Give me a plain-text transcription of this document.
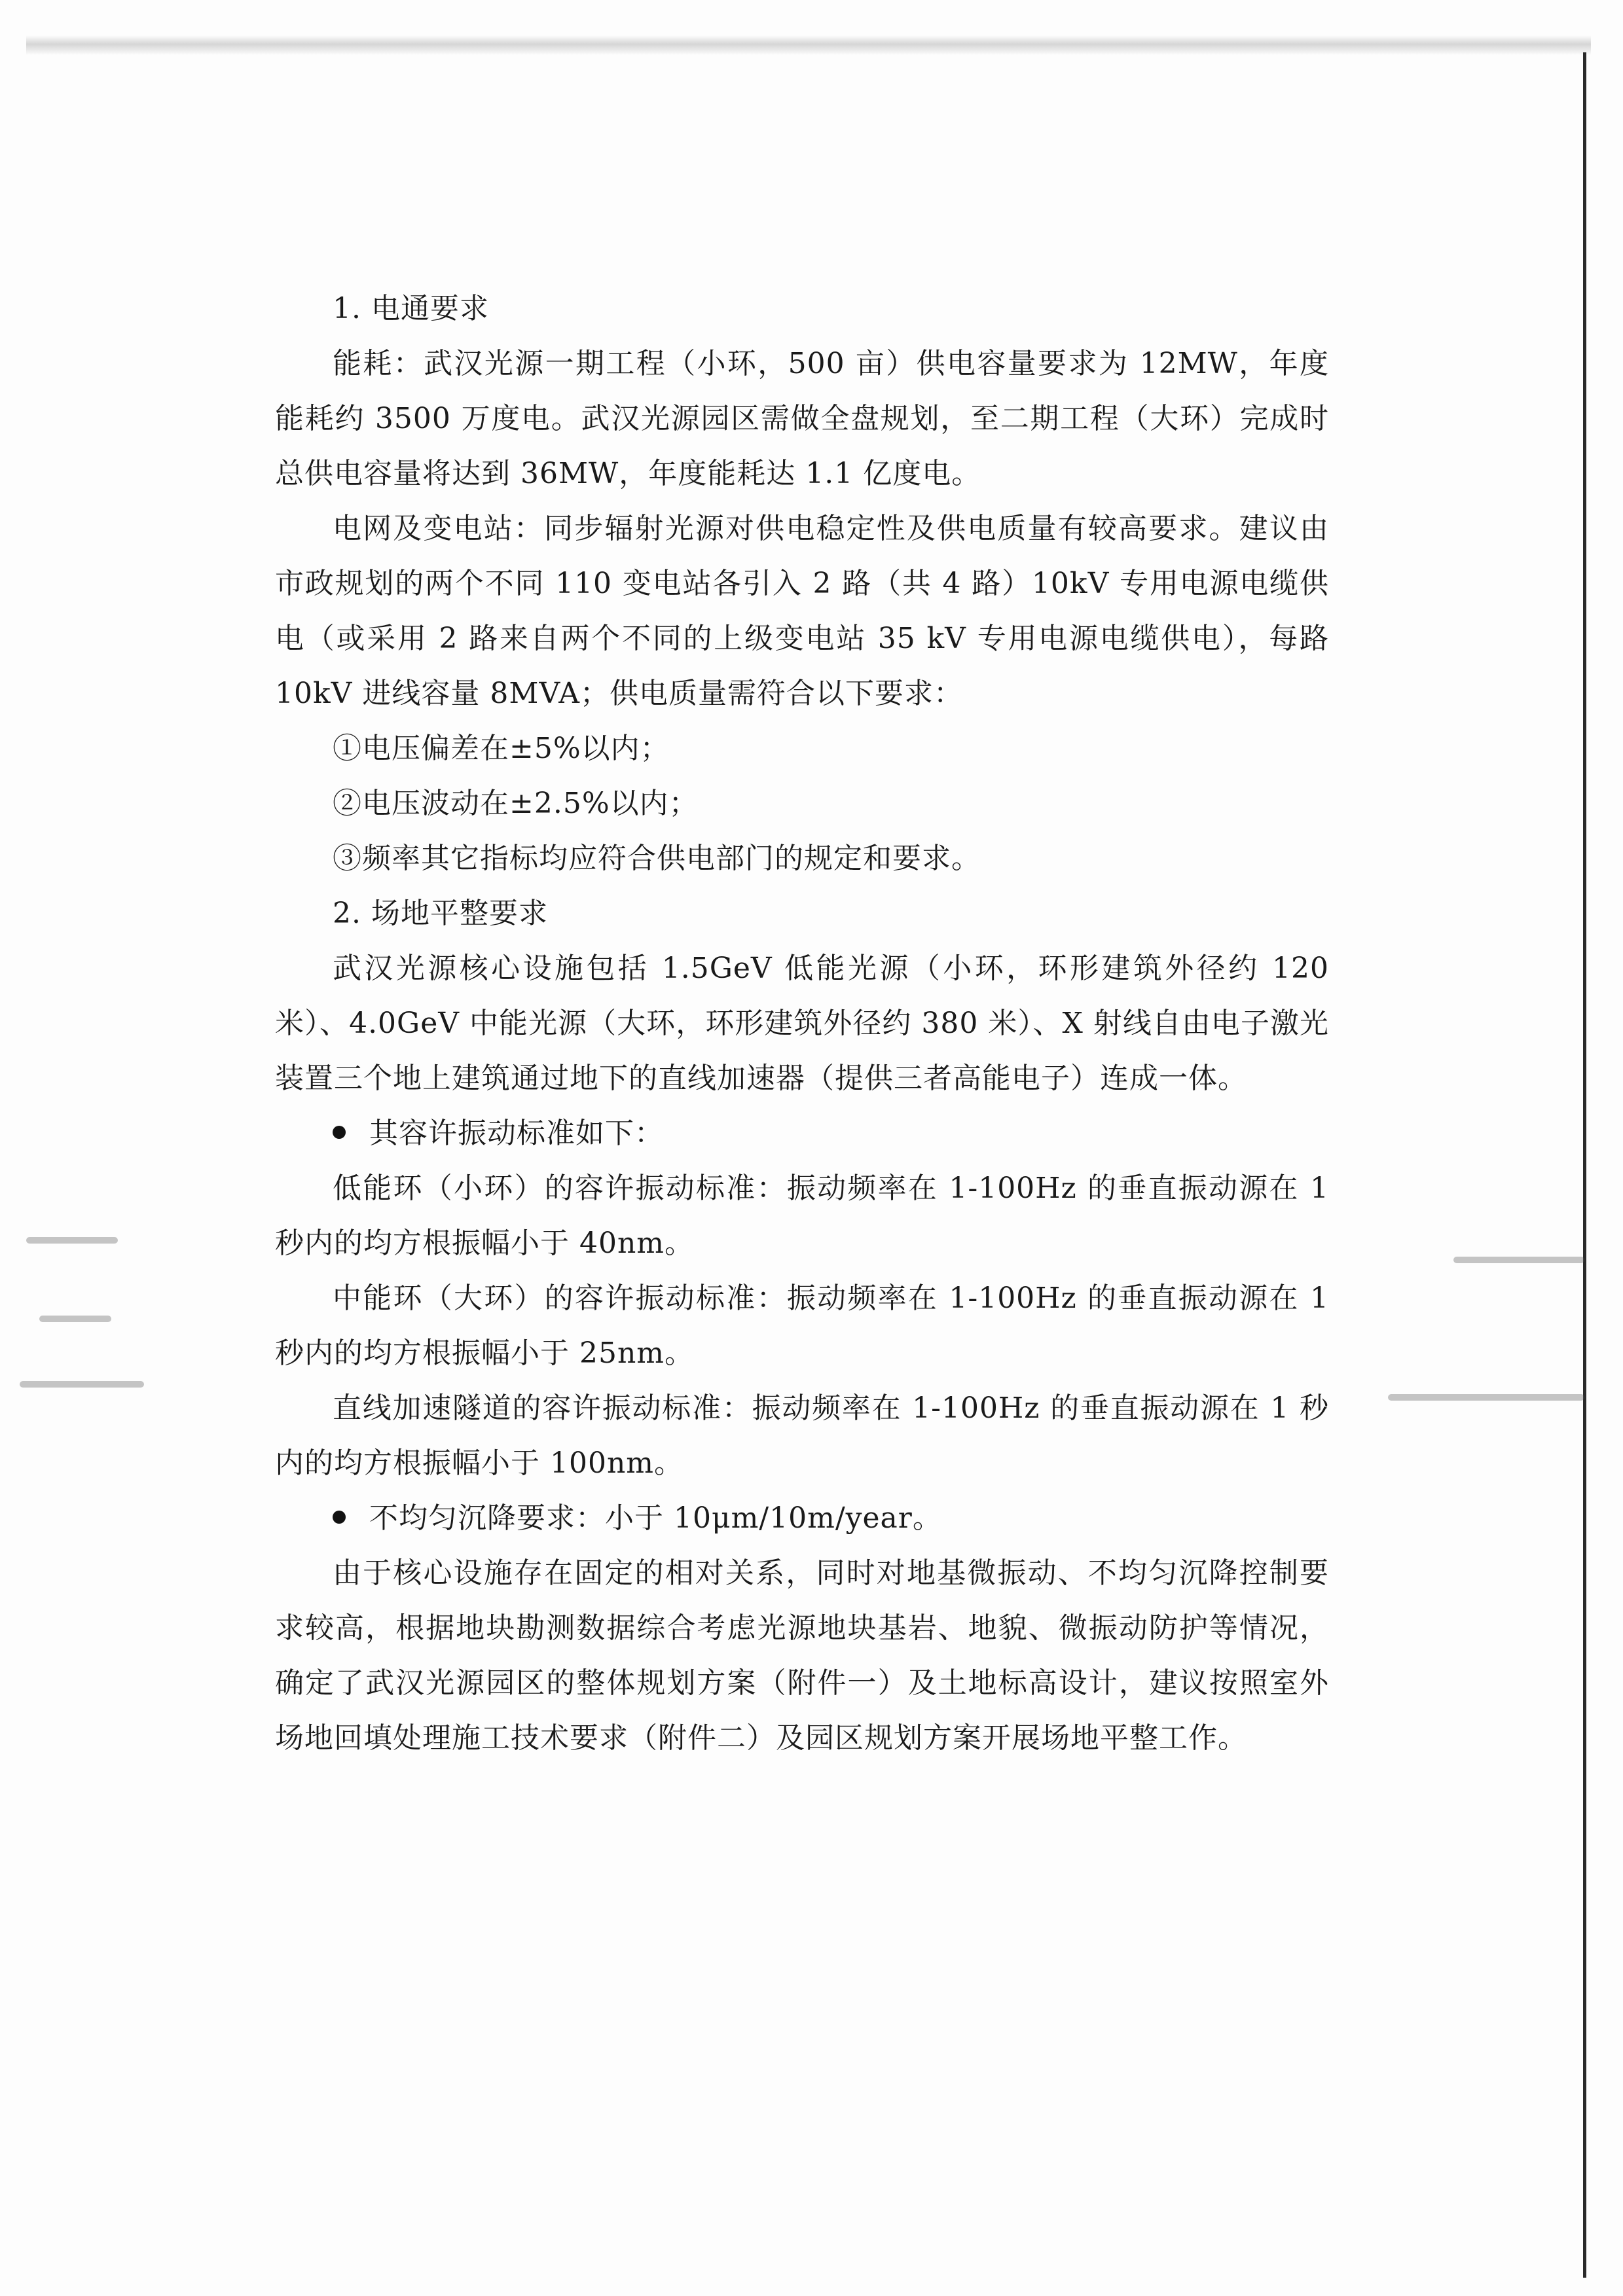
1. 电通要求

能耗：武汉光源一期工程（小环，500 亩）供电容量要求为 12MW，年度能耗约 3500 万度电。武汉光源园区需做全盘规划，至二期工程（大环）完成时总供电容量将达到 36MW，年度能耗达 1.1 亿度电。

电网及变电站：同步辐射光源对供电稳定性及供电质量有较高要求。建议由市政规划的两个不同 110 变电站各引入 2 路（共 4 路）10kV 专用电源电缆供电（或采用 2 路来自两个不同的上级变电站 35 kV 专用电源电缆供电），每路 10kV 进线容量 8MVA；供电质量需符合以下要求：

①电压偏差在±5%以内；

②电压波动在±2.5%以内；

③频率其它指标均应符合供电部门的规定和要求。

2. 场地平整要求

武汉光源核心设施包括 1.5GeV 低能光源（小环，环形建筑外径约 120 米）、4.0GeV 中能光源（大环，环形建筑外径约 380 米）、X 射线自由电子激光装置三个地上建筑通过地下的直线加速器（提供三者高能电子）连成一体。

其容许振动标准如下：

低能环（小环）的容许振动标准：振动频率在 1-100Hz 的垂直振动源在 1 秒内的均方根振幅小于 40nm。

中能环（大环）的容许振动标准：振动频率在 1-100Hz 的垂直振动源在 1 秒内的均方根振幅小于 25nm。

直线加速隧道的容许振动标准：振动频率在 1-100Hz 的垂直振动源在 1 秒内的均方根振幅小于 100nm。

不均匀沉降要求：小于 10μm/10m/year。

由于核心设施存在固定的相对关系，同时对地基微振动、不均匀沉降控制要求较高，根据地块勘测数据综合考虑光源地块基岩、地貌、微振动防护等情况，确定了武汉光源园区的整体规划方案（附件一）及土地标高设计，建议按照室外场地回填处理施工技术要求（附件二）及园区规划方案开展场地平整工作。
